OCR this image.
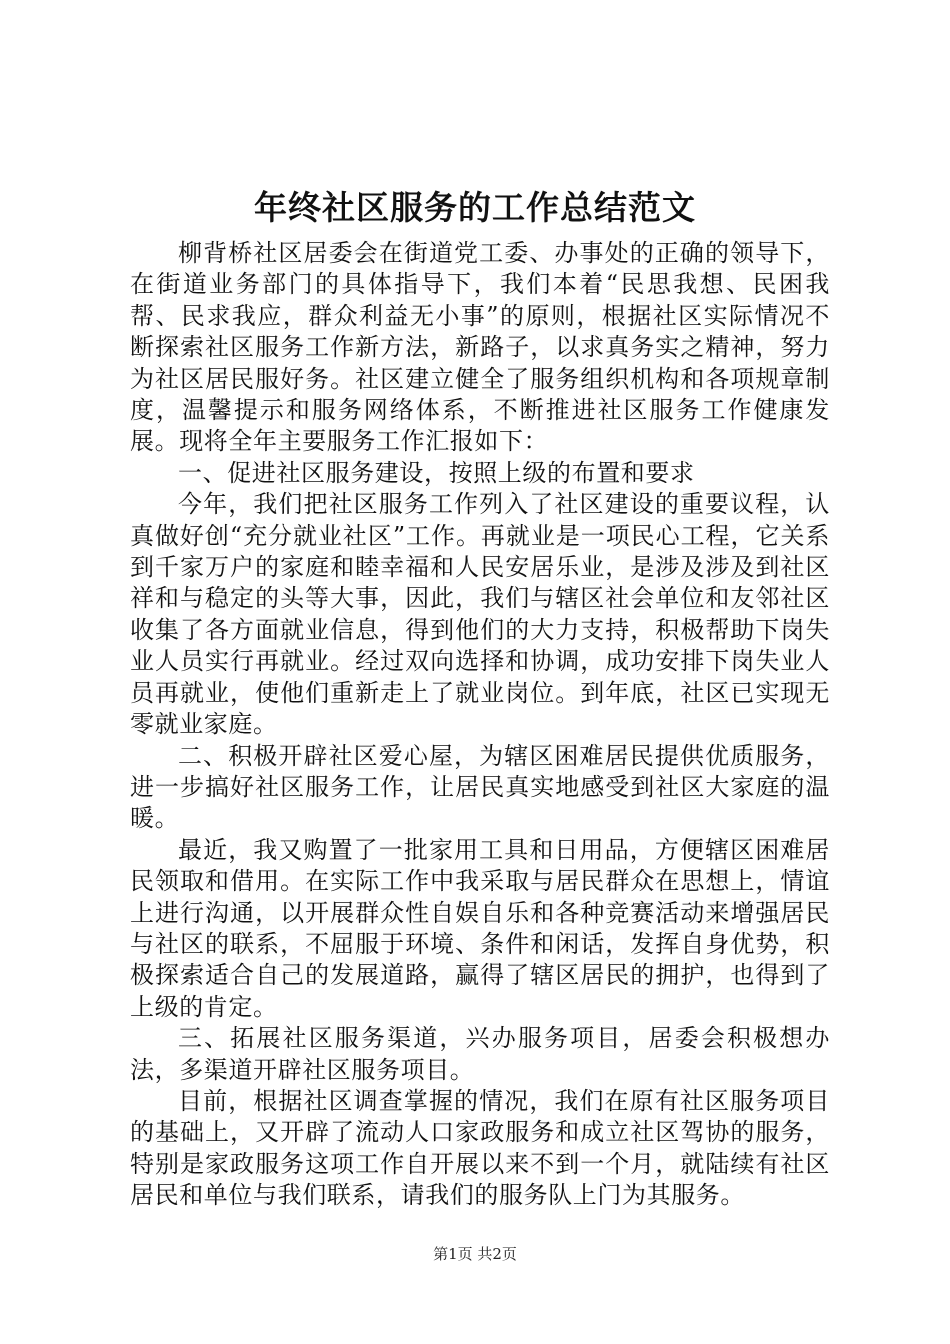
年终社区服务的工作总结范文

柳背桥社区居委会在街道党工委、办事处的正确的领导下，在街道业务部门的具体指导下，我们本着“民思我想、民困我帮、民求我应，群众利益无小事”的原则，根据社区实际情况不断探索社区服务工作新方法，新路子，以求真务实之精神，努力为社区居民服好务。社区建立健全了服务组织机构和各项规章制度，温馨提示和服务网络体系，不断推进社区服务工作健康发展。现将全年主要服务工作汇报如下：

一、促进社区服务建设，按照上级的布置和要求

今年，我们把社区服务工作列入了社区建设的重要议程，认真做好创“充分就业社区”工作。再就业是一项民心工程，它关系到千家万户的家庭和睦幸福和人民安居乐业，是涉及涉及到社区祥和与稳定的头等大事，因此，我们与辖区社会单位和友邻社区收集了各方面就业信息，得到他们的大力支持，积极帮助下岗失业人员实行再就业。经过双向选择和协调，成功安排下岗失业人员再就业，使他们重新走上了就业岗位。到年底，社区已实现无零就业家庭。

二、积极开辟社区爱心屋，为辖区困难居民提供优质服务，进一步搞好社区服务工作，让居民真实地感受到社区大家庭的温暖。

最近，我又购置了一批家用工具和日用品，方便辖区困难居民领取和借用。在实际工作中我采取与居民群众在思想上，情谊上进行沟通，以开展群众性自娱自乐和各种竞赛活动来增强居民与社区的联系，不屈服于环境、条件和闲话，发挥自身优势，积极探索适合自己的发展道路，赢得了辖区居民的拥护，也得到了上级的肯定。

三、拓展社区服务渠道，兴办服务项目，居委会积极想办法，多渠道开辟社区服务项目。

目前，根据社区调查掌握的情况，我们在原有社区服务项目的基础上，又开辟了流动人口家政服务和成立社区驾协的服务，特别是家政服务这项工作自开展以来不到一个月，就陆续有社区居民和单位与我们联系，请我们的服务队上门为其服务。

第1页 共2页
